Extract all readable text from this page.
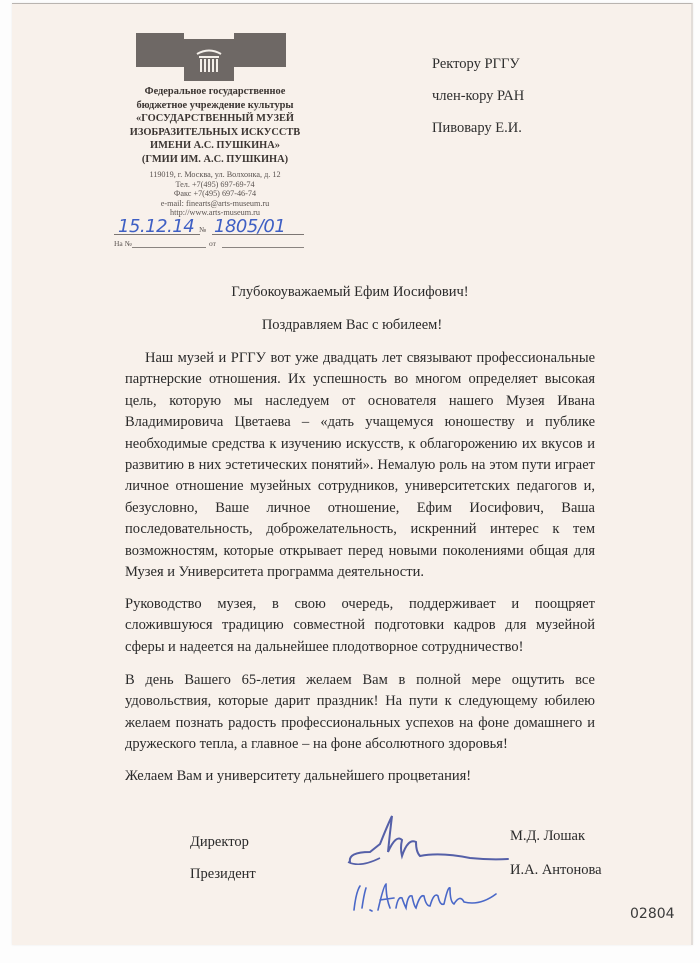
Федеральное государственное
бюджетное учреждение культуры
«ГОСУДАРСТВЕННЫЙ МУЗЕЙ
ИЗОБРАЗИТЕЛЬНЫХ ИСКУССТВ
ИМЕНИ А.С. ПУШКИНА»
(ГМИИ ИМ. А.С. ПУШКИНА)
119019, г. Москва, ул. Волхонка, д. 12
Тел. +7(495) 697-69-74
Факс +7(495) 697-46-74
e-mail: finearts@arts-museum.ru
http://www.arts-museum.ru
15.12.14 № 1805/01
На №	от
Ректору РГГУ
член-кору РАН
Пивовару Е.И.
Глубокоуважаемый Ефим Иосифович!
Поздравляем Вас с юбилеем!
Наш музей и РГГУ вот уже двадцать лет связывают профессиональные партнерские отношения. Их успешность во многом определяет высокая цель, которую мы наследуем от основателя нашего Музея Ивана Владимировича Цветаева – «дать учащемуся юношеству и публике необходимые средства к изучению искусств, к облагорожению их вкусов и развитию в них эстетических понятий». Немалую роль на этом пути играет личное отношение музейных сотрудников, университетских педагогов и, безусловно, Ваше личное отношение, Ефим Иосифович, Ваша последовательность, доброжелательность, искренний интерес к тем возможностям, которые открывает перед новыми поколениями общая для Музея и Университета программа деятельности.
Руководство музея, в свою очередь, поддерживает и поощряет сложившуюся традицию совместной подготовки кадров для музейной сферы и надеется на дальнейшее плодотворное сотрудничество!
В день Вашего 65-летия желаем Вам в полной мере ощутить все удовольствия, которые дарит праздник! На пути к следующему юбилею желаем познать радость профессиональных успехов на фоне домашнего и дружеского тепла, а главное – на фоне абсолютного здоровья!
Желаем Вам и университету дальнейшего процветания!
Директор
Президент
М.Д. Лошак
И.А. Антонова
02804
